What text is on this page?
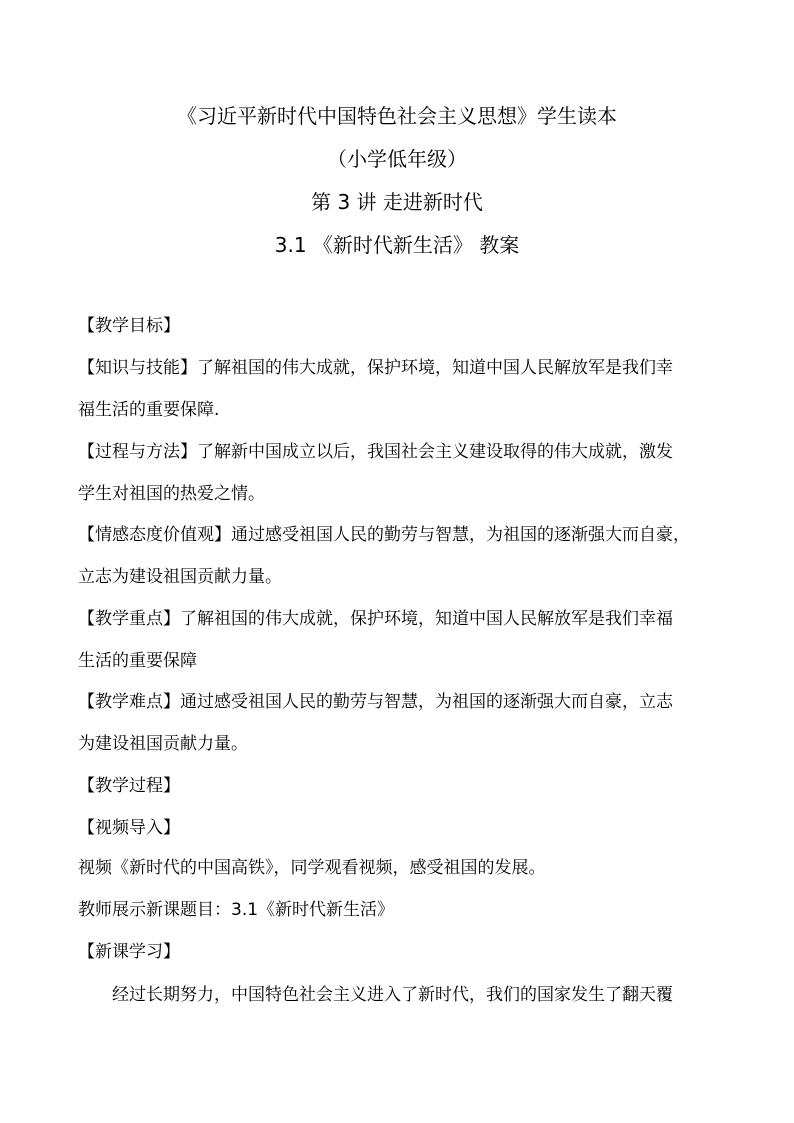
《习近平新时代中国特色社会主义思想》学生读本
（小学低年级）
第 3 讲 走进新时代
3.1 《新时代新生活》 教案
【教学目标】
【知识与技能】了解祖国的伟大成就，保护环境，知道中国人民解放军是我们幸
福生活的重要保障.
【过程与方法】了解新中国成立以后，我国社会主义建设取得的伟大成就，激发
学生对祖国的热爱之情。
【情感态度价值观】通过感受祖国人民的勤劳与智慧，为祖国的逐渐强大而自豪，
立志为建设祖国贡献力量。
【教学重点】了解祖国的伟大成就，保护环境，知道中国人民解放军是我们幸福
生活的重要保障
【教学难点】通过感受祖国人民的勤劳与智慧，为祖国的逐渐强大而自豪，立志
为建设祖国贡献力量。
【教学过程】
【视频导入】
视频《新时代的中国高铁》，同学观看视频，感受祖国的发展。
教师展示新课题目：3.1《新时代新生活》
【新课学习】
经过长期努力，中国特色社会主义进入了新时代，我们的国家发生了翻天覆
